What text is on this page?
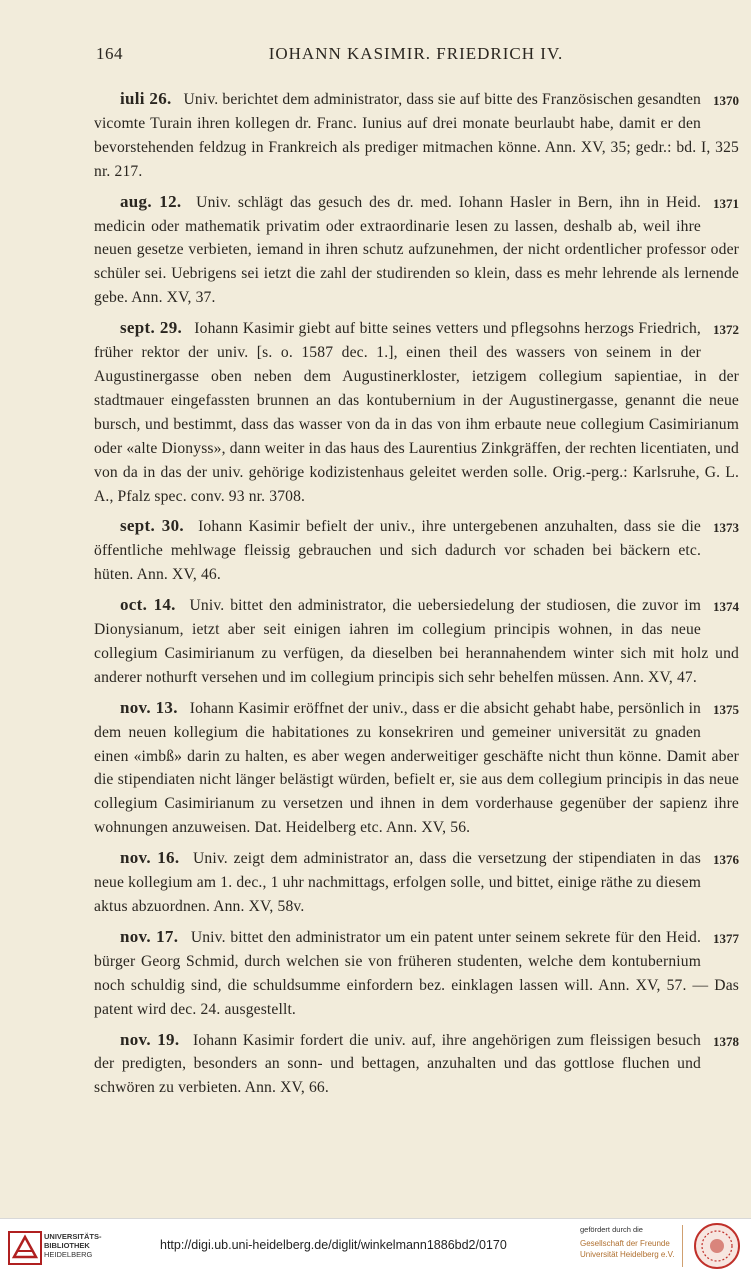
164	IOHANN KASIMIR. FRIEDRICH IV.
1370
iuli 26. Univ. berichtet dem administrator, dass sie auf bitte des Französischen gesandten vicomte Turain ihren kollegen dr. Franc. Iunius auf drei monate beurlaubt habe, damit er den bevorstehenden feldzug in Frankreich als prediger mitmachen könne. Ann. XV, 35; gedr.: bd. I, 325 nr. 217.
1371
aug. 12. Univ. schlägt das gesuch des dr. med. Iohann Hasler in Bern, ihn in Heid. medicin oder mathematik privatim oder extraordinarie lesen zu lassen, deshalb ab, weil ihre neuen gesetze verbieten, iemand in ihren schutz aufzunehmen, der nicht ordentlicher professor oder schüler sei. Uebrigens sei ietzt die zahl der studirenden so klein, dass es mehr lehrende als lernende gebe. Ann. XV, 37.
1372
sept. 29. Iohann Kasimir giebt auf bitte seines vetters und pflegsohns herzogs Friedrich, früher rektor der univ. [s. o. 1587 dec. 1.], einen theil des wassers von seinem in der Augustinergasse oben neben dem Augustinerkloster, ietzigem collegium sapientiae, in der stadtmauer eingefassten brunnen an das kontubernium in der Augustinergasse, genannt die neue bursch, und bestimmt, dass das wasser von da in das von ihm erbaute neue collegium Casimirianum oder «alte Dionyss», dann weiter in das haus des Laurentius Zinkgräffen, der rechten licentiaten, und von da in das der univ. gehörige kodizistenhaus geleitet werden solle. Orig.-perg.: Karlsruhe, G. L. A., Pfalz spec. conv. 93 nr. 3708.
1373
sept. 30. Iohann Kasimir befielt der univ., ihre untergebenen anzuhalten, dass sie die öffentliche mehlwage fleissig gebrauchen und sich dadurch vor schaden bei bäckern etc. hüten. Ann. XV, 46.
1374
oct. 14. Univ. bittet den administrator, die uebersiedelung der studiosen, die zuvor im Dionysianum, ietzt aber seit einigen iahren im collegium principis wohnen, in das neue collegium Casimirianum zu verfügen, da dieselben bei herannahendem winter sich mit holz und anderer nothurft versehen und im collegium principis sich sehr behelfen müssen. Ann. XV, 47.
1375
nov. 13. Iohann Kasimir eröffnet der univ., dass er die absicht gehabt habe, persönlich in dem neuen kollegium die habitationes zu konsekriren und gemeiner universität zu gnaden einen «imbß» darin zu halten, es aber wegen anderweitiger geschäfte nicht thun könne. Damit aber die stipendiaten nicht länger belästigt würden, befielt er, sie aus dem collegium principis in das neue collegium Casimirianum zu versetzen und ihnen in dem vorderhause gegenüber der sapienz ihre wohnungen anzuweisen. Dat. Heidelberg etc. Ann. XV, 56.
1376
nov. 16. Univ. zeigt dem administrator an, dass die versetzung der stipendiaten in das neue kollegium am 1. dec., 1 uhr nachmittags, erfolgen solle, und bittet, einige räthe zu diesem aktus abzuordnen. Ann. XV, 58v.
1377
nov. 17. Univ. bittet den administrator um ein patent unter seinem sekrete für den Heid. bürger Georg Schmid, durch welchen sie von früheren studenten, welche dem kontubernium noch schuldig sind, die schuldsumme einfordern bez. einklagen lassen will. Ann. XV, 57. — Das patent wird dec. 24. ausgestellt.
1378
nov. 19. Iohann Kasimir fordert die univ. auf, ihre angehörigen zum fleissigen besuch der predigten, besonders an sonn- und bettagen, anzuhalten und das gottlose fluchen und schwören zu verbieten. Ann. XV, 66.
UNIVERSITÄTS-
BIBLIOTHEK
HEIDELBERG
http://digi.ub.uni-heidelberg.de/diglit/winkelmann1886bd2/0170
gefördert durch die
Gesellschaft der Freunde
Universität Heidelberg e.V.
